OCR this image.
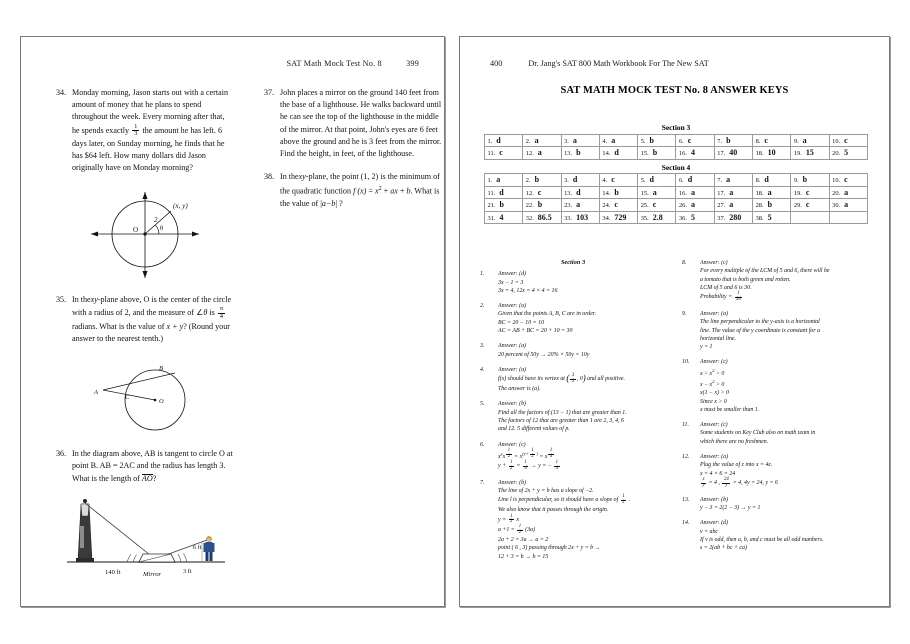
SAT Math Mock Test No. 8	399
34. Monday morning, Jason starts out with a certain amount of money that he plans to spend throughout the week. Every morning after that, he spends exactly $\frac{1}{3}$ the amount he has left. 6 days later, on Sunday morning, he finds that he has $64 left. How many dollars did Jason originally have on Monday morning?
(x, y)
2
θ
O
35. In thexy-plane above, O is the center of the circle with a radius of 2, and the measure of ∠θ is $\frac{\pi}{4}$
radians. What is the value of x + y? (Round your answer to the nearest tenth.)
A
B
C
O
36. In the diagram above, AB is tangent to circle O at point B. AB = 2AC and the radius has length 3. What is the length of AO?
140 ft	Mirror
6 ft
3 ft
37. John places a mirror on the ground 140 feet from the base of a lighthouse. He walks backward until he can see the top of the lighthouse in the middle of the mirror. At that point, John's eyes are 6 feet above the ground and he is 3 feet from the mirror. Find the height, in feet, of the lighthouse.
38. In thexy-plane, the point (1, 2) is the minimum of the quadratic function f $(x) = x^2$ + ax + b. What is the value of |a−b| ?
400	Dr. Jang's SAT 800 Math Workbook For The New SAT
SAT MATH MOCK TEST No. 8 ANSWER KEYS
Section 3
1. d	2. a	3. a	4. a	5. b	6. c	7. b	8. c	9. a	10. c
11. c	12. a	13. b	14. d	15. b	16. 4	17. 40	18. 10	19. 15	20. 5
Section 4
1. a	2. b	3. d	4. c	5. d	6. d	7. a	8. d	9. b	10. c
11. d	12. c	13. d	14. b	15. a	16. a	17. a	18. a	19. c	20. a
21. b	22. b	23. a	24. c	25. c	26. a	27. a	28. b	29. c	30. a
31. 4	32. 86.5	33. 103	34. 729	35. 2.8	36. 5	37. 280	38. 5		
Section 3
1. Answer: (d)
3x − 1 = 3
3x = 4, 12x = 4 × 4 = 16
2. Answer: (a)
Given that the points A, B, C are in order.
BC = 20 − 10 = 10
AC = AB + BC = 20 + 10 = 30
3. Answer: (a)
20 percent of 50y → 20% × 50y = 10y
4. Answer: (a)
f(x) should have its vertex at ( $\frac{3}{2}$ , 0) and all positive.
The answer is (a).
5. Answer: (b)
Find all the factors of (13 − 1) that are greater than 1.
The factors of 12 that are greater than 1 are 2, 3, 4, 6
and 12. 5 different values of p.
6. Answer: (c)
$x^yx$ $^{\frac{1}{2}} = x^{(y+ \frac{1}{2} )} = x$ $^{\frac{1}{4}}$
$y + \frac{1}{2} = \frac{1}{4} \to y$ = − $\frac{1}{4}$
7. Answer: (b)
The line of 2x + y = b has a slope of −2.
Line l is perpendicular, so it should have a slope of $\frac{1}{2}$ .
We also know that it passes through the origin.
$y = \frac{1}{2}$ x
$a +1 = \frac{1}{2} (3a)$
2a + 2 = 3a → a = 2
point ( 6 , 3) passing through 2x + y = b →
12 + 3 = b → b = 15
8. Answer: (c)
For every multiple of the LCM of 5 and 6, there will be
a tomato that is both green and rotten.
LCM of 5 and 6 is 30.
Probability = $\frac{1}{30}$
9. Answer: (a)
The line perpendicular to the y-axis is a horizontal
line. The value of the y coordinate is constant for a
horizontal line.
y = 1
10. Answer: (c)
$x > x^2 > 0$
$x - x^2 > 0$
x(1 − x) > 0
Since x > 0
x must be smaller than 1.
11. Answer: (c)
Some students on Key Club also on math team in
which there are no freshmen.
12. Answer: (a)
Plug the value of z into x = 4z.
x = 4 × 6 = 24
$\frac{x}{y} = 4$ , $\frac{24}{y} = 4$, 4y = 24, y = 6
13. Answer: (b)
y − 3 = 2(2 − 3) → y = 1
14. Answer: (d)
v = abc
If v is odd, then a, b, and c must be all odd numbers.
s = 2(ab + bc + ca)
